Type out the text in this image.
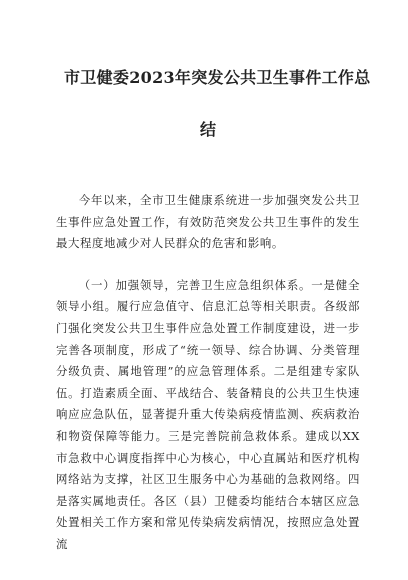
市卫健委2023年突发公共卫生事件工作总
结

今年以来，全市卫生健康系统进一步加强突发公共卫生事件应急处置工作，有效防范突发公共卫生事件的发生最大程度地减少对人民群众的危害和影响。

（一）加强领导，完善卫生应急组织体系。一是健全领导小组。履行应急值守、信息汇总等相关职责。各级部门强化突发公共卫生事件应急处置工作制度建设，进一步完善各项制度，形成了“统一领导、综合协调、分类管理分级负责、属地管理”的应急管理体系。二是组建专家队伍。打造素质全面、平战结合、装备精良的公共卫生快速响应应急队伍，显著提升重大传染病疫情监测、疾病救治和物资保障等能力。三是完善院前急救体系。建成以XX市急救中心调度指挥中心为核心，中心直属站和医疗机构网络站为支撑，社区卫生服务中心为基础的急救网络。四是落实属地责任。各区（县）卫健委均能结合本辖区应急处置相关工作方案和常见传染病发病情况，按照应急处置流
